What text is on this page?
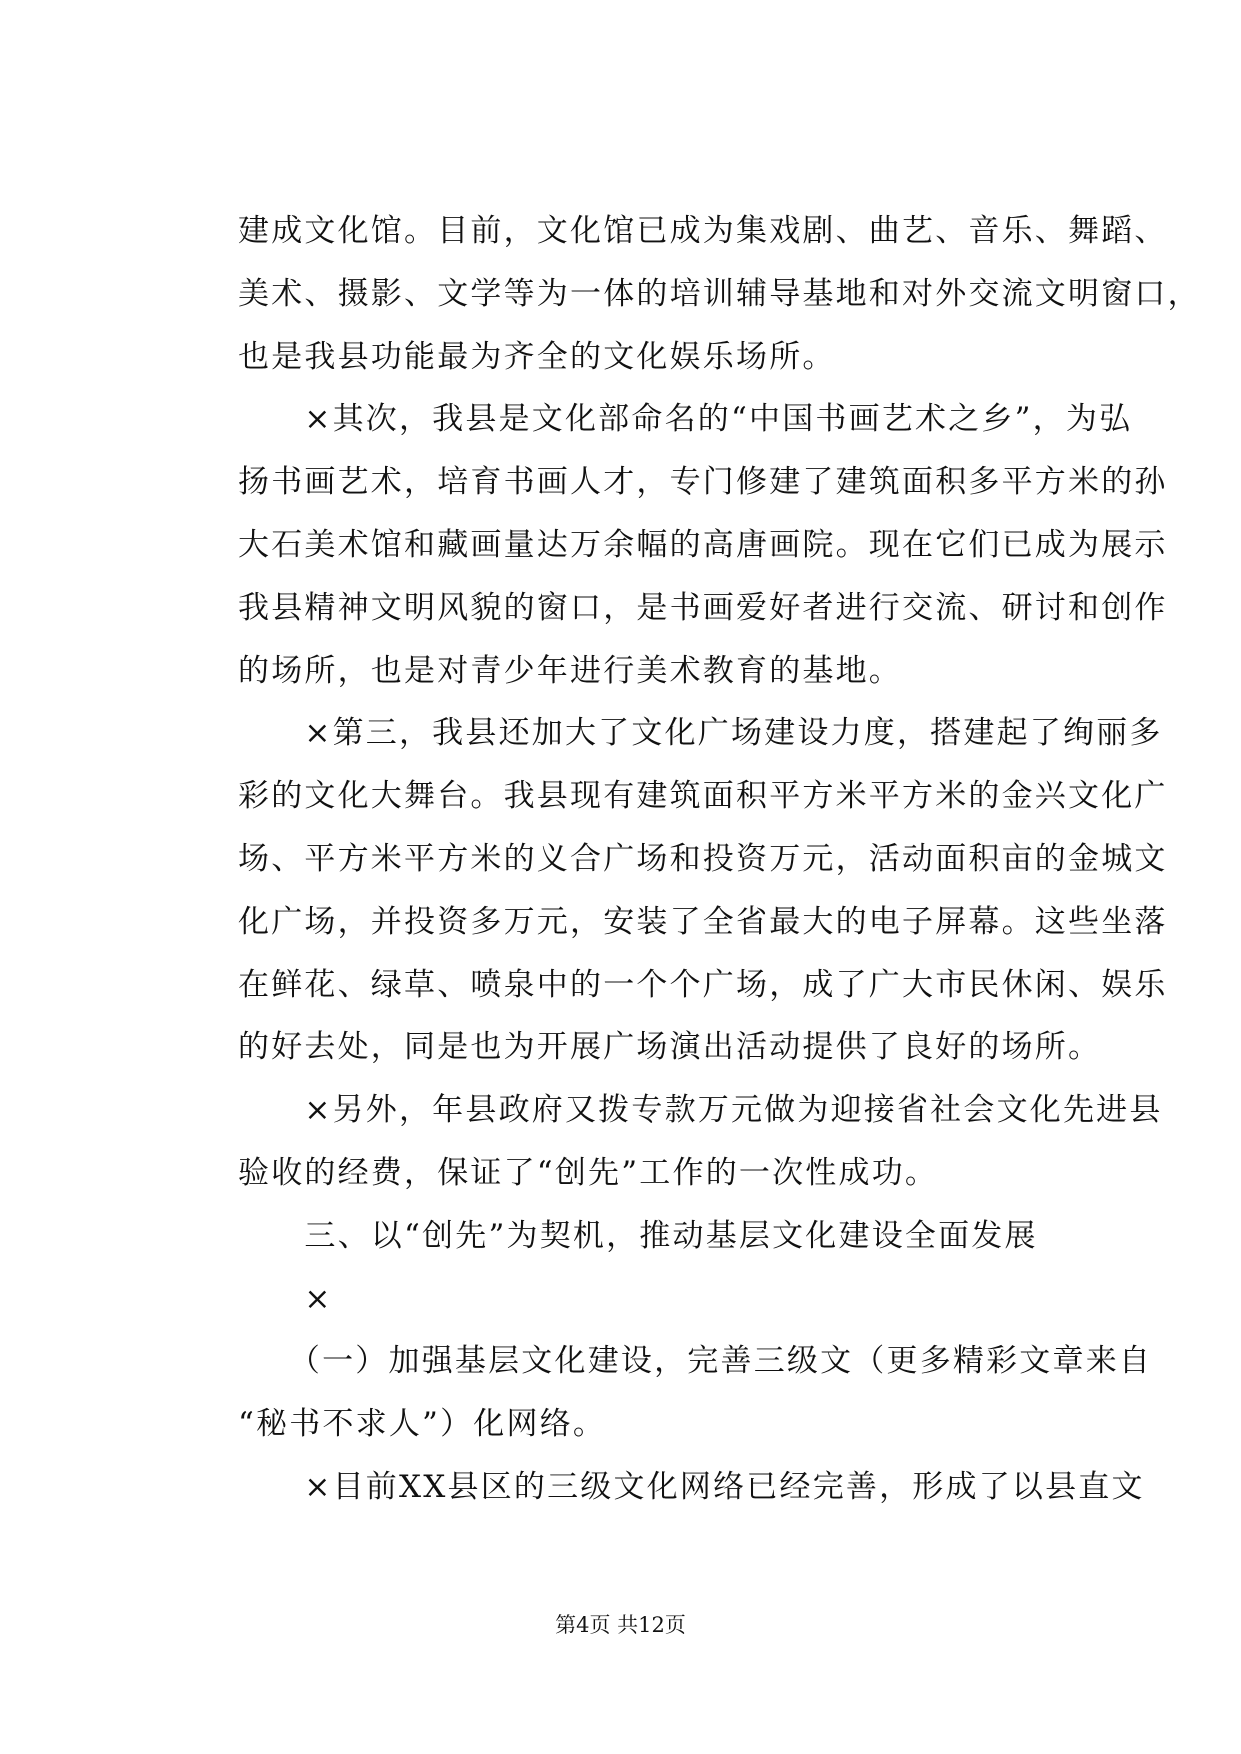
建成文化馆。目前，文化馆已成为集戏剧、曲艺、音乐、舞蹈、
美术、摄影、文学等为一体的培训辅导基地和对外交流文明窗口，
也是我县功能最为齐全的文化娱乐场所。
　　×其次，我县是文化部命名的“中国书画艺术之乡”，为弘
扬书画艺术，培育书画人才，专门修建了建筑面积多平方米的孙
大石美术馆和藏画量达万余幅的高唐画院。现在它们已成为展示
我县精神文明风貌的窗口，是书画爱好者进行交流、研讨和创作
的场所，也是对青少年进行美术教育的基地。
　　×第三，我县还加大了文化广场建设力度，搭建起了绚丽多
彩的文化大舞台。我县现有建筑面积平方米平方米的金兴文化广
场、平方米平方米的义合广场和投资万元，活动面积亩的金城文
化广场，并投资多万元，安装了全省最大的电子屏幕。这些坐落
在鲜花、绿草、喷泉中的一个个广场，成了广大市民休闲、娱乐
的好去处，同是也为开展广场演出活动提供了良好的场所。
　　×另外，年县政府又拨专款万元做为迎接省社会文化先进县
验收的经费，保证了“创先”工作的一次性成功。
　　三、以“创先”为契机，推动基层文化建设全面发展
　　×
　　（一）加强基层文化建设，完善三级文（更多精彩文章来自
“秘书不求人”）化网络。
　　×目前XX县区的三级文化网络已经完善，形成了以县直文
第4页 共12页
